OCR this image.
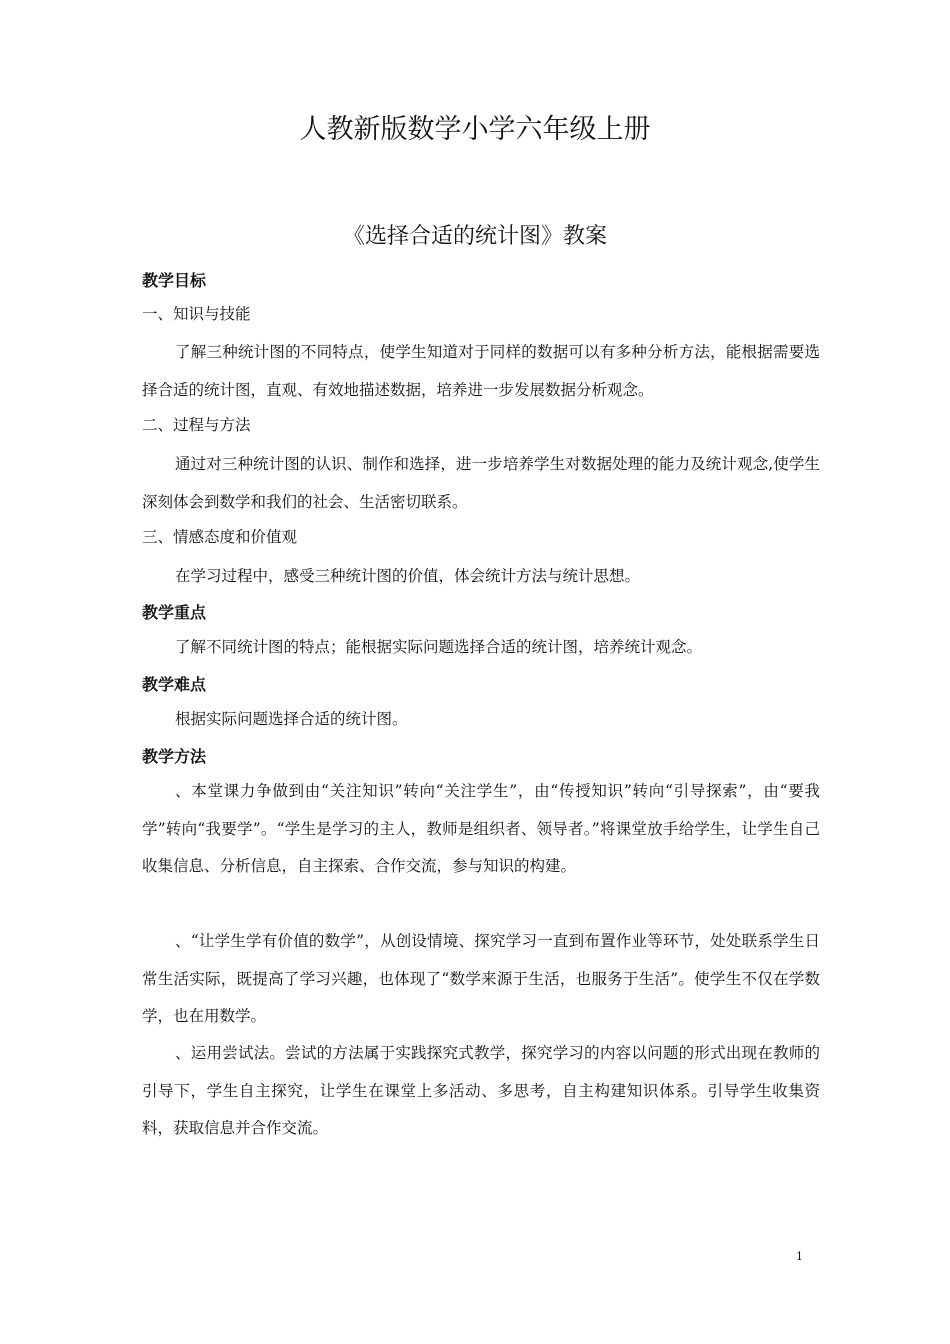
人教新版数学小学六年级上册
《选择合适的统计图》教案
教学目标
一、知识与技能

了解三种统计图的不同特点，使学生知道对于同样的数据可以有多种分析方法，能根据需要选择合适的统计图，直观、有效地描述数据，培养进一步发展数据分析观念。

二、过程与方法

通过对三种统计图的认识、制作和选择，进一步培养学生对数据处理的能力及统计观念,使学生深刻体会到数学和我们的社会、生活密切联系。

三、情感态度和价值观

在学习过程中，感受三种统计图的价值，体会统计方法与统计思想。

教学重点

了解不同统计图的特点；能根据实际问题选择合适的统计图，培养统计观念。

教学难点

根据实际问题选择合适的统计图。

教学方法

、本堂课力争做到由“关注知识”转向“关注学生”，由“传授知识”转向“引导探索”，由“要我学”转向“我要学”。“学生是学习的主人，教师是组织者、领导者。”将课堂放手给学生，让学生自己收集信息、分析信息，自主探索、合作交流，参与知识的构建。

、“让学生学有价值的数学”，从创设情境、探究学习一直到布置作业等环节，处处联系学生日常生活实际，既提高了学习兴趣，也体现了“数学来源于生活，也服务于生活”。使学生不仅在学数学，也在用数学。

、运用尝试法。尝试的方法属于实践探究式教学，探究学习的内容以问题的形式出现在教师的引导下，学生自主探究，让学生在课堂上多活动、多思考，自主构建知识体系。引导学生收集资料，获取信息并合作交流。

1
